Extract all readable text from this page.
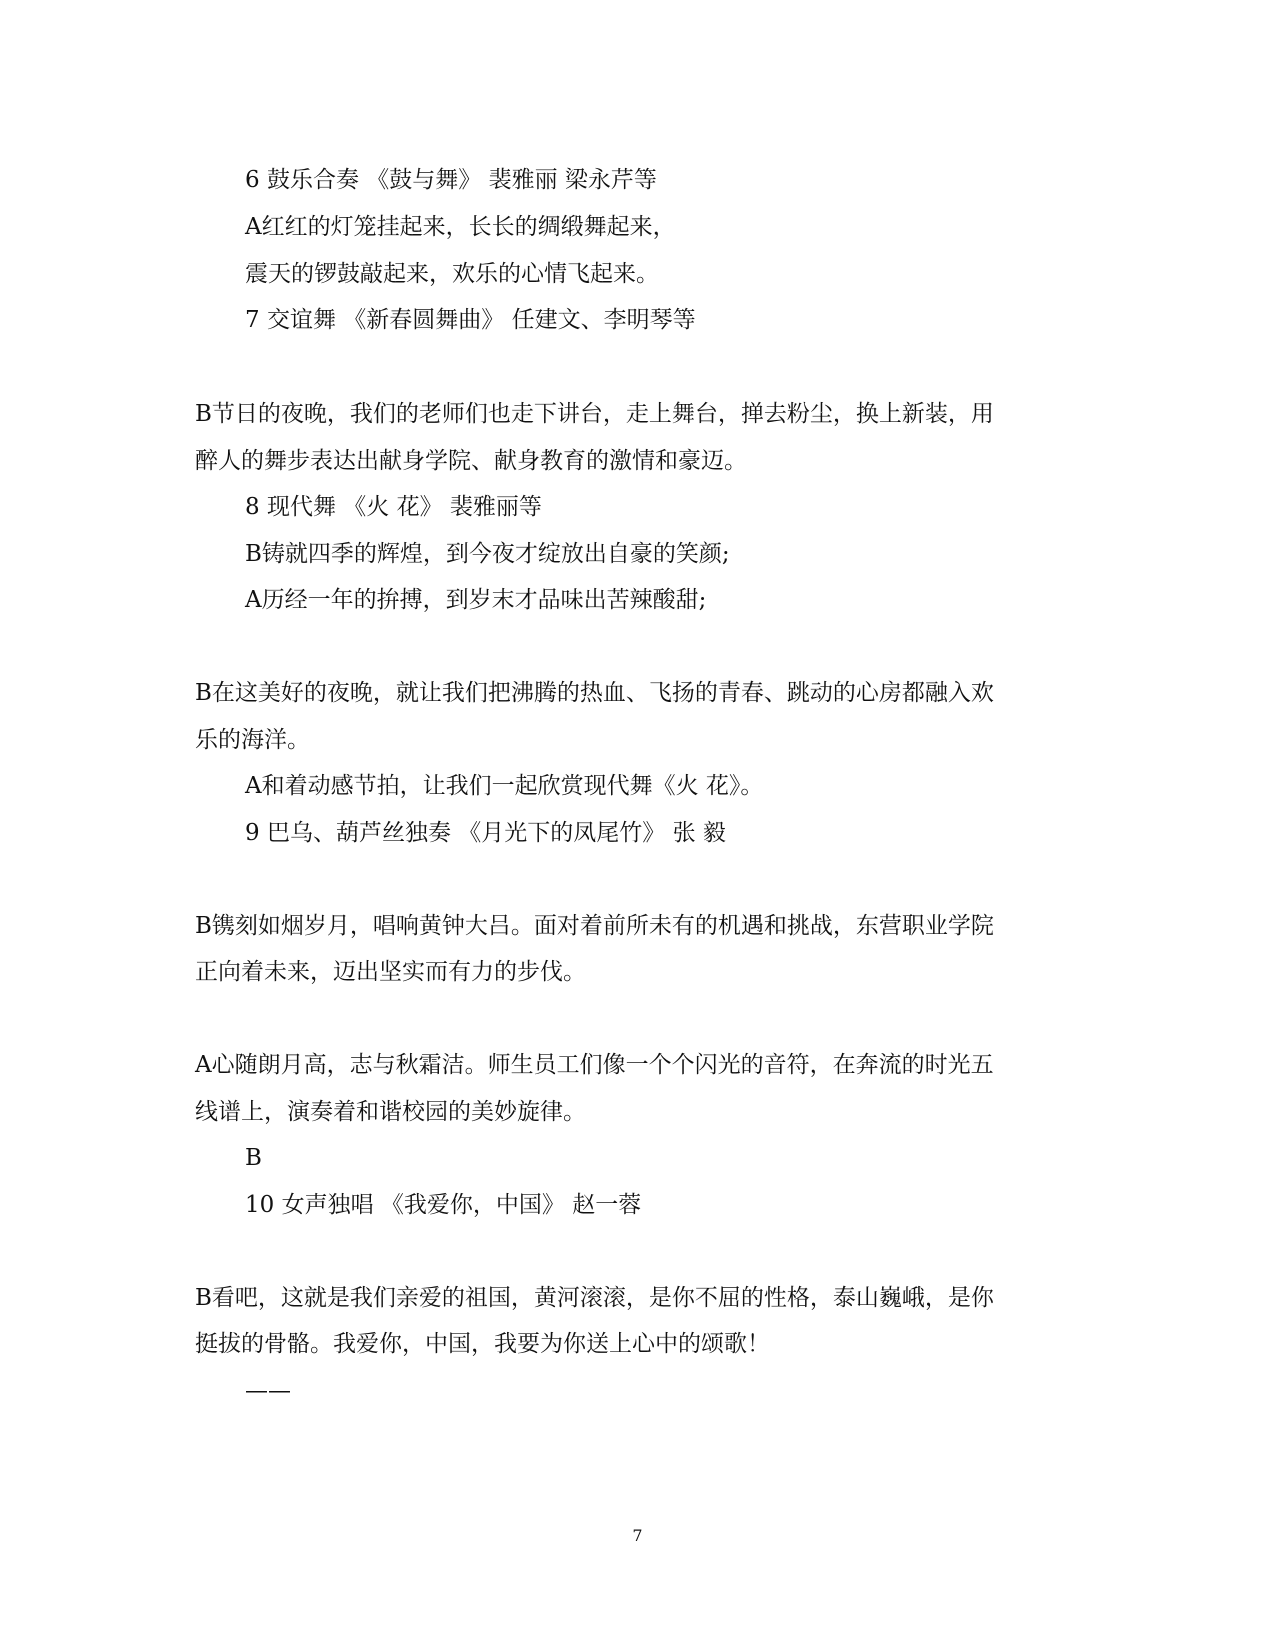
6 鼓乐合奏 《鼓与舞》 裴雅丽 梁永芹等
A红红的灯笼挂起来，长长的绸缎舞起来，
震天的锣鼓敲起来，欢乐的心情飞起来。
7 交谊舞 《新春圆舞曲》 任建文、李明琴等
B节日的夜晚，我们的老师们也走下讲台，走上舞台，掸去粉尘，换上新装，用
醉人的舞步表达出献身学院、献身教育的激情和豪迈。
8 现代舞 《火 花》 裴雅丽等
B铸就四季的辉煌，到今夜才绽放出自豪的笑颜;
A历经一年的拚搏，到岁末才品味出苦辣酸甜;
B在这美好的夜晚，就让我们把沸腾的热血、飞扬的青春、跳动的心房都融入欢
乐的海洋。
A和着动感节拍，让我们一起欣赏现代舞《火 花》。
9 巴乌、葫芦丝独奏 《月光下的凤尾竹》 张 毅
B镌刻如烟岁月，唱响黄钟大吕。面对着前所未有的机遇和挑战，东营职业学院
正向着未来，迈出坚实而有力的步伐。
A心随朗月高，志与秋霜洁。师生员工们像一个个闪光的音符，在奔流的时光五
线谱上，演奏着和谐校园的美妙旋律。
B
10 女声独唱 《我爱你，中国》 赵一蓉
B看吧，这就是我们亲爱的祖国，黄河滚滚，是你不屈的性格，泰山巍峨，是你
挺拔的骨骼。我爱你，中国，我要为你送上心中的颂歌！
——
7
